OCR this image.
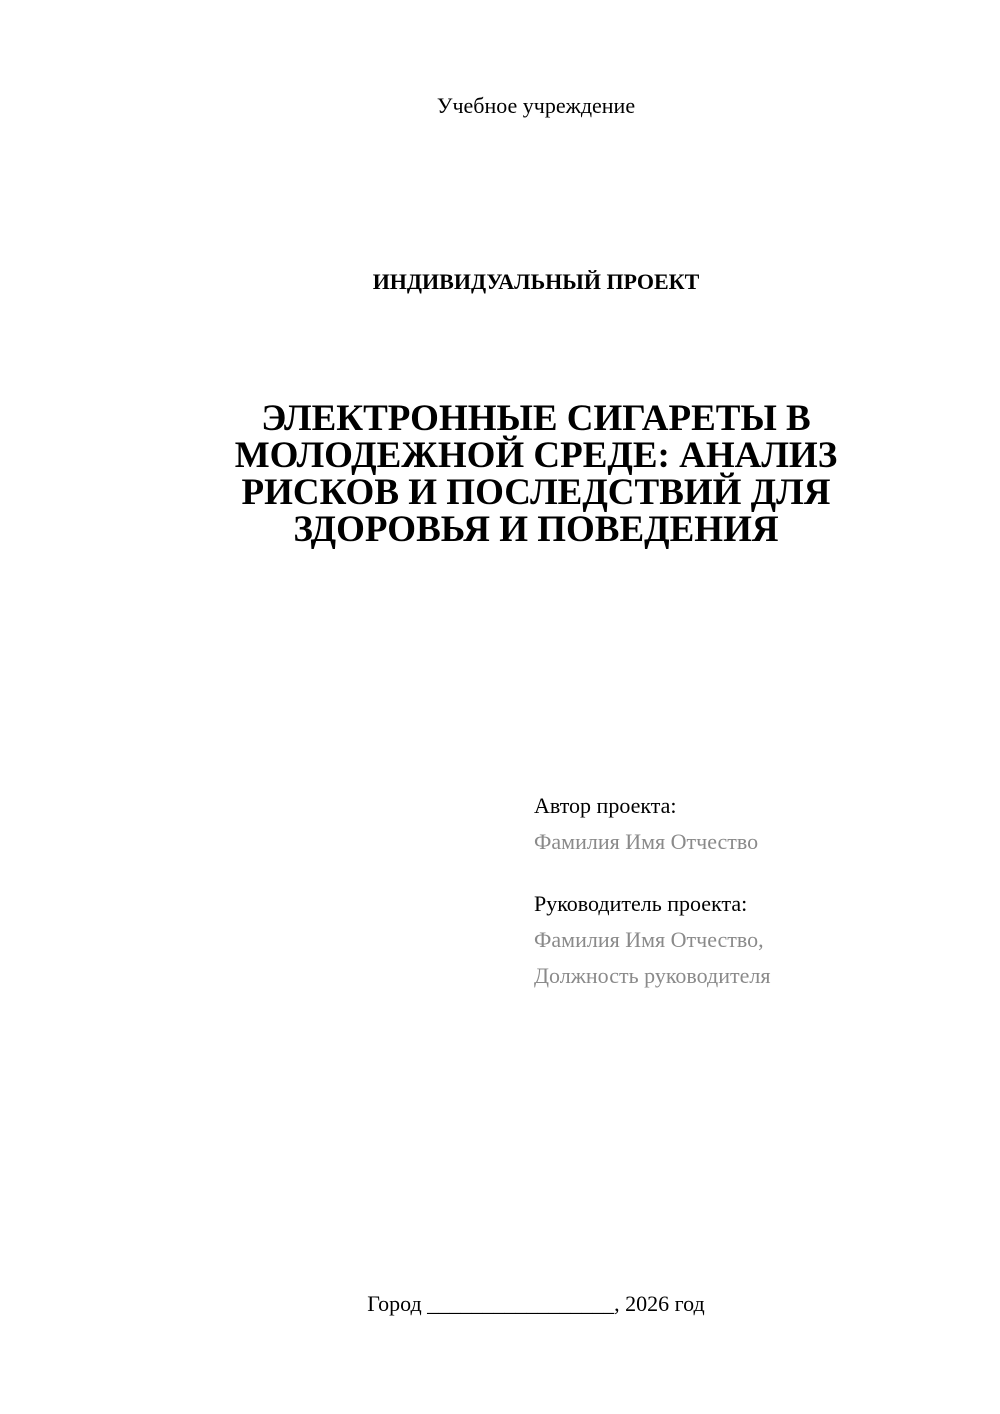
Учебное учреждение
ИНДИВИДУАЛЬНЫЙ ПРОЕКТ
ЭЛЕКТРОННЫЕ СИГАРЕТЫ В
МОЛОДЕЖНОЙ СРЕДЕ: АНАЛИЗ
РИСКОВ И ПОСЛЕДСТВИЙ ДЛЯ
ЗДОРОВЬЯ И ПОВЕДЕНИЯ
Автор проекта:
Фамилия Имя Отчество
Руководитель проекта:
Фамилия Имя Отчество,
Должность руководителя
Город _________________, 2026 год
